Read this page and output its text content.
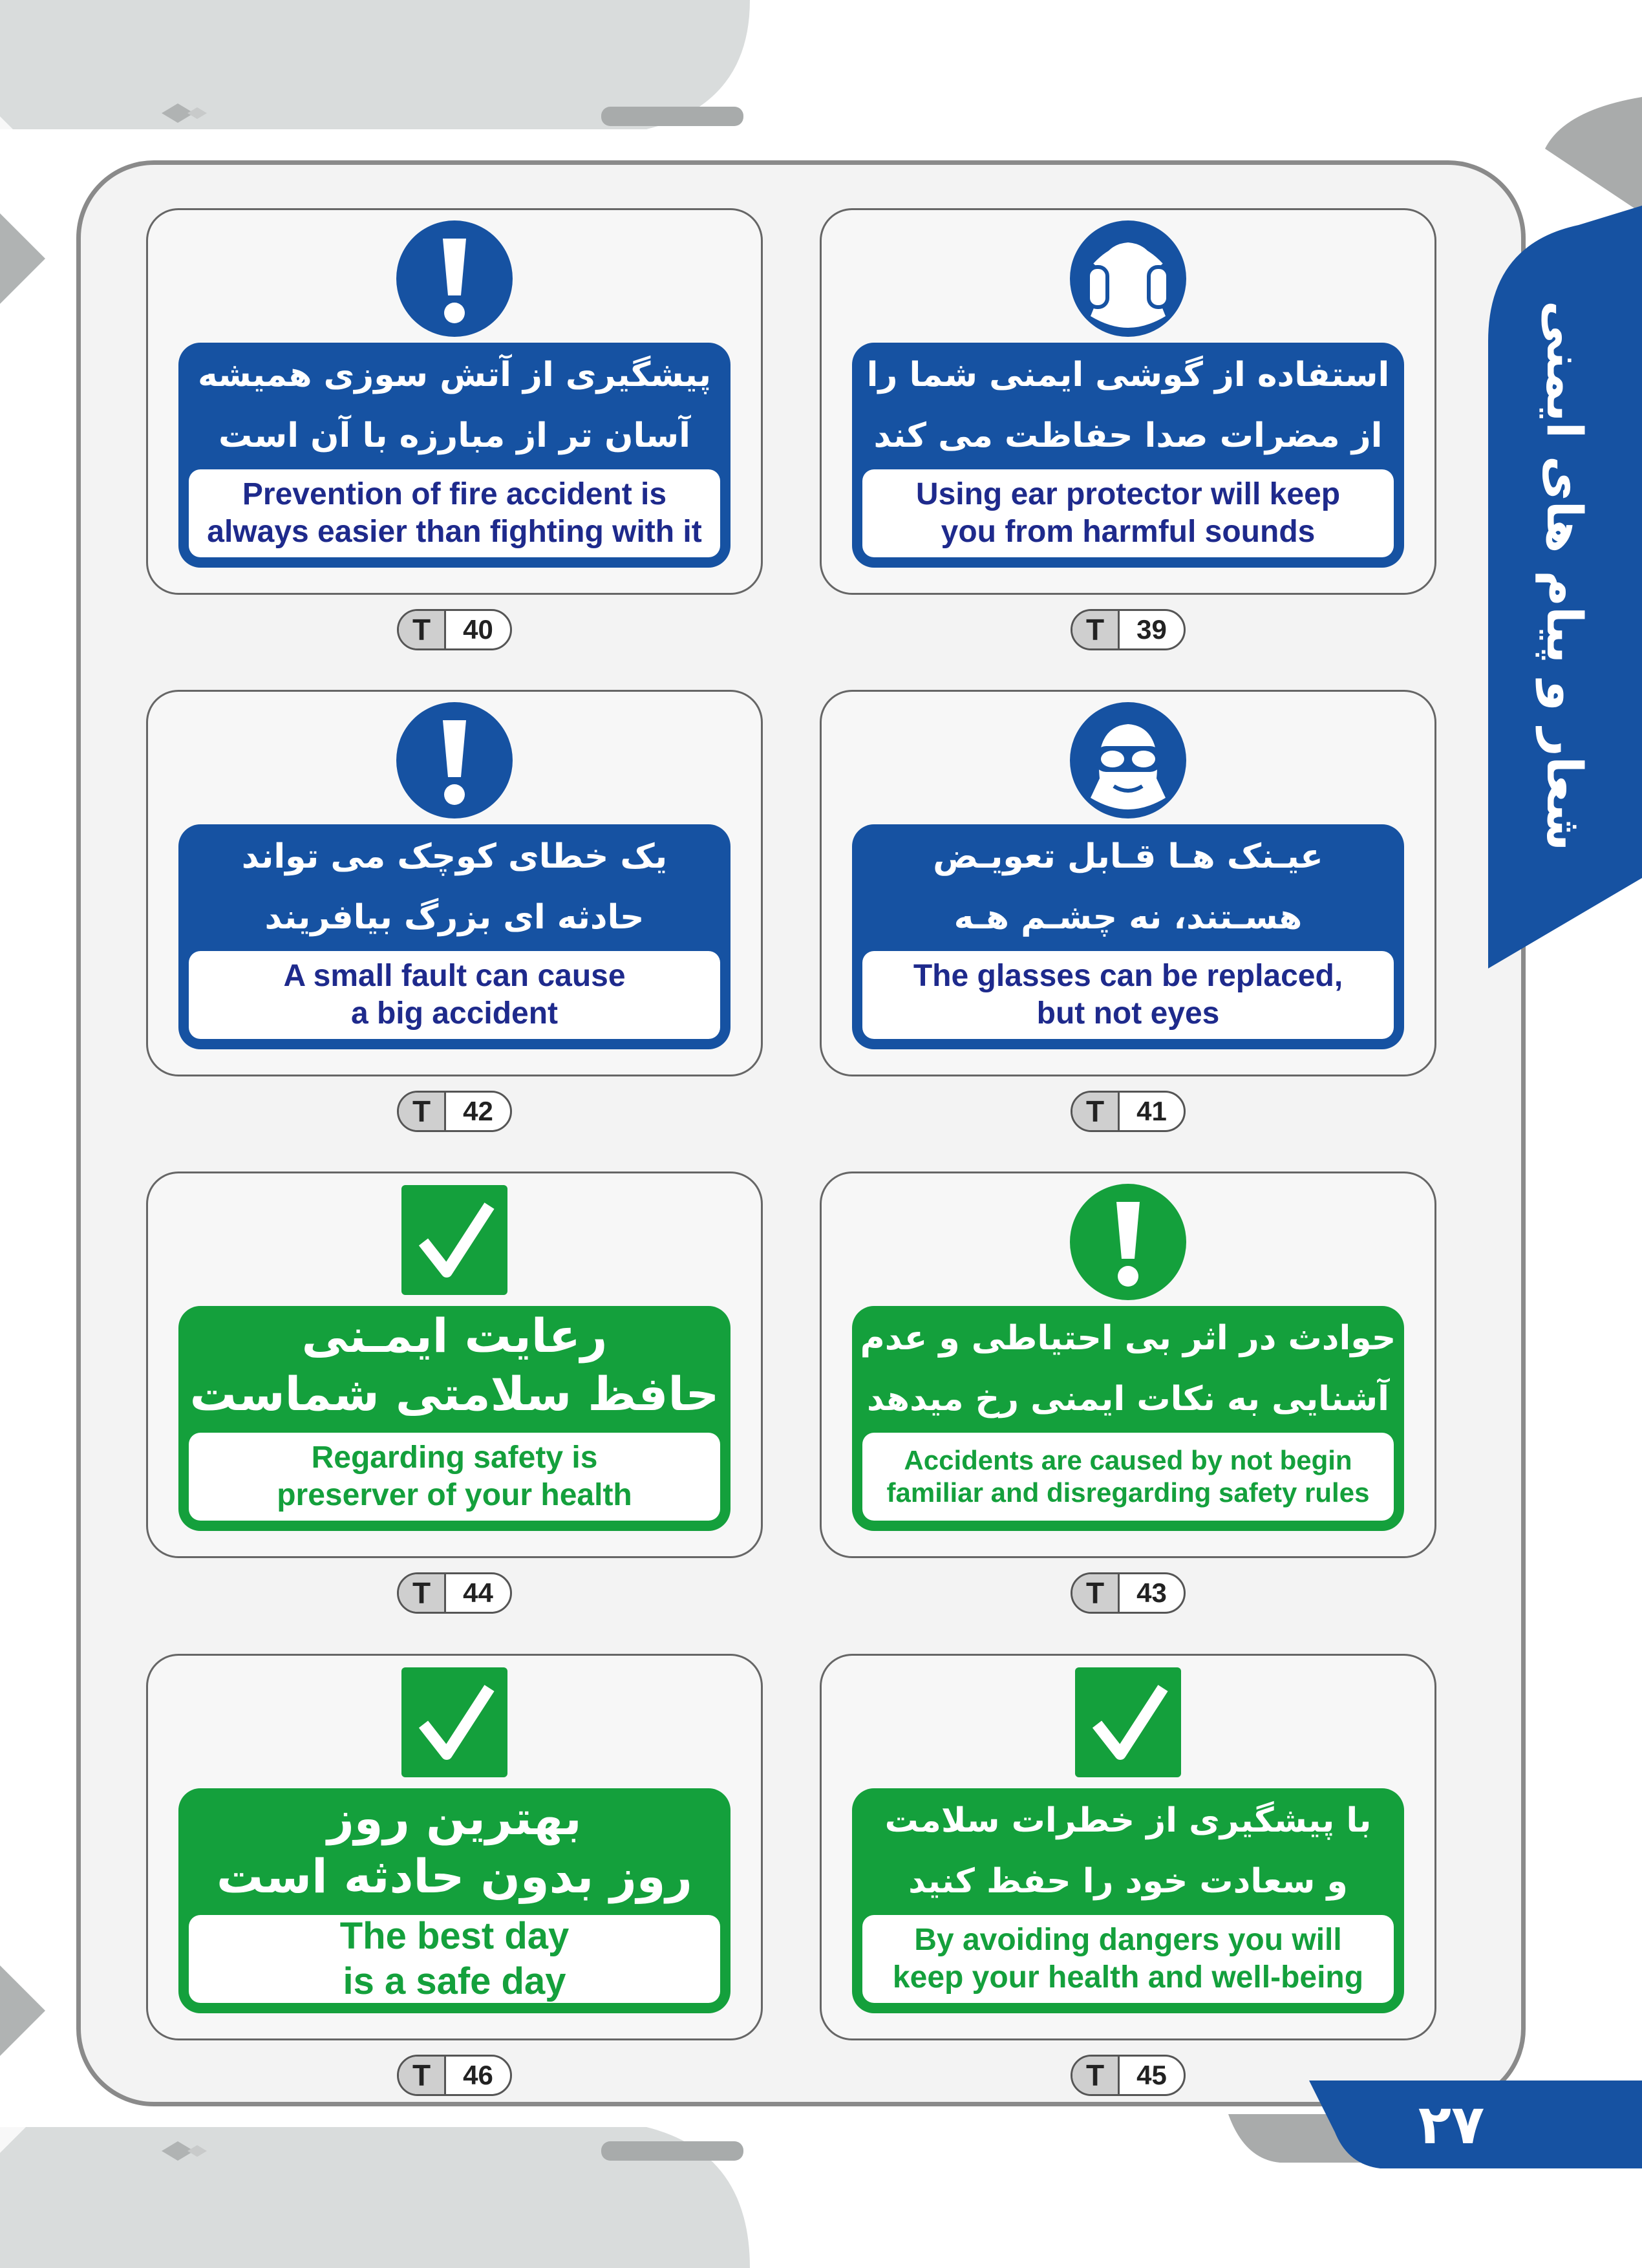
شعار و پیام های ایمنی
۲۷
استفاده از گوشی ایمنی شما را
از مضرات صدا حفاظت می کند
Using ear protector will keep
you from harmful sounds
T	39
پیشگیری از آتش سوزی همیشه
آسان تر از مبارزه با آن است
Prevention of fire accident is
always easier than fighting with it
T	40
عیـنک هـا قـابل تعویـض
هسـتند، نه چشـم هـه
The glasses can be replaced,
but not eyes
T	41
یک خطای کوچک می تواند
حادثه ای بزرگ بیافریند
A small fault can cause
a big accident
T	42
حوادث در اثر بی احتیاطی و عدم
آشنایی به نکات ایمنی رخ میدهد
Accidents are caused by not begin
familiar and disregarding safety rules
T	43
رعایت ایمـنی
حافظ سلامتی شماست
Regarding safety is
preserver of your health
T	44
با پیشگیری از خطرات سلامت
و سعادت خود را حفظ کنید
By avoiding dangers you will
keep your health and well-being
T	45
بهترین روز
روز بدون حادثه است
The best day
is a safe day
T	46
